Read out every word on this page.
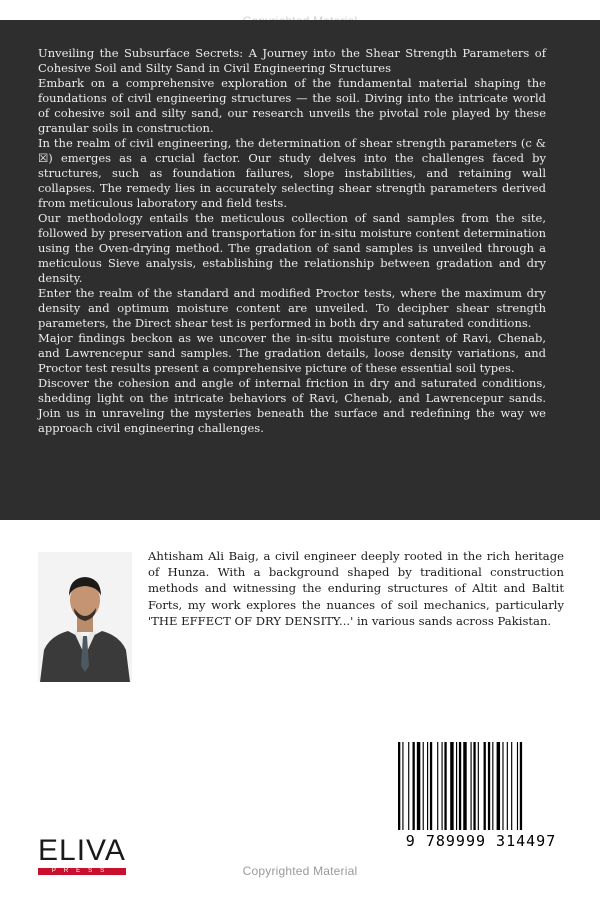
Unveiling the Subsurface Secrets: A Journey into the Shear Strength Parameters of Cohesive Soil and Silty Sand in Civil Engineering Structures

Embark on a comprehensive exploration of the fundamental material shaping the foundations of civil engineering structures — the soil. Diving into the intricate world of cohesive soil and silty sand, our research unveils the pivotal role played by these granular soils in construction.

In the realm of civil engineering, the determination of shear strength parameters (c & ☒) emerges as a crucial factor. Our study delves into the challenges faced by structures, such as foundation failures, slope instabilities, and retaining wall collapses. The remedy lies in accurately selecting shear strength parameters derived from meticulous laboratory and field tests.

Our methodology entails the meticulous collection of sand samples from the site, followed by preservation and transportation for in-situ moisture content determination using the Oven-drying method. The gradation of sand samples is unveiled through a meticulous Sieve analysis, establishing the relationship between gradation and dry density.

Enter the realm of the standard and modified Proctor tests, where the maximum dry density and optimum moisture content are unveiled. To decipher shear strength parameters, the Direct shear test is performed in both dry and saturated conditions.

Major findings beckon as we uncover the in-situ moisture content of Ravi, Chenab, and Lawrencepur sand samples. The gradation details, loose density variations, and Proctor test results present a comprehensive picture of these essential soil types.

Discover the cohesion and angle of internal friction in dry and saturated conditions, shedding light on the intricate behaviors of Ravi, Chenab, and Lawrencepur sands. Join us in unraveling the mysteries beneath the surface and redefining the way we approach civil engineering challenges.

Ahtisham Ali Baig, a civil engineer deeply rooted in the rich heritage of Hunza. With a background shaped by traditional construction methods and witnessing the enduring structures of Altit and Baltit Forts, my work explores the nuances of soil mechanics, particularly 'THE EFFECT OF DRY DENSITY...' in various sands across Pakistan.

9 789999 314497
ELIVA
PRESS	Copyrighted Material
